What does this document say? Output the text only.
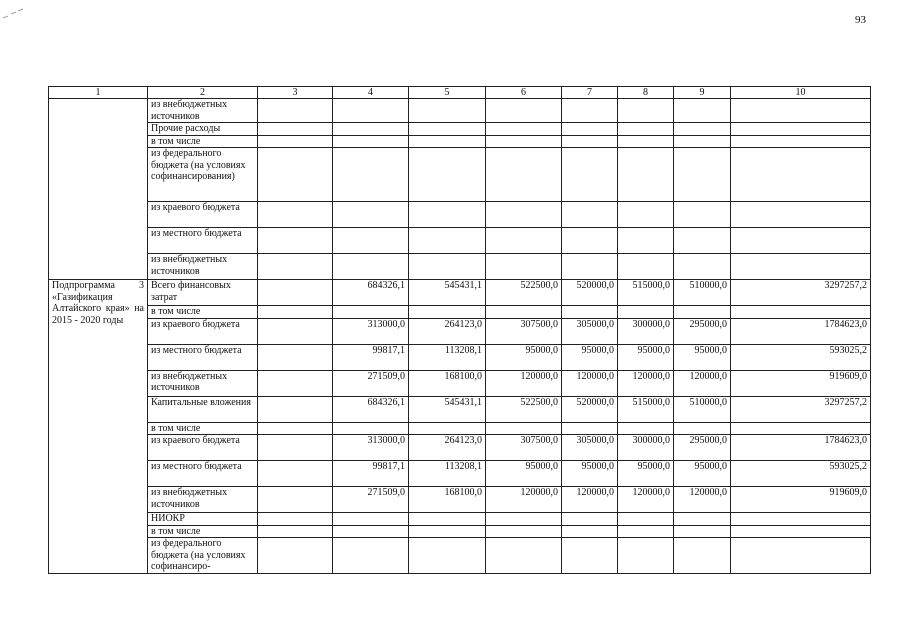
93
1	2	3	4	5	6	7	8	9	10
	из внебюджетных источников								
	Прочие расходы								
	в том числе								
	из федерального бюджета (на условиях софинансирования)								
	из краевого бюджета								
	из местного бюджета								
	из внебюджетных источников								
Подпрограмма 3 «Газификация Алтайского края» на 2015 - 2020 годы	Всего финансовых затрат		684326,1	545431,1	522500,0	520000,0	515000,0	510000,0	3297257,2
	в том числе								
	из краевого бюджета		313000,0	264123,0	307500,0	305000,0	300000,0	295000,0	1784623,0
	из местного бюджета		99817,1	113208,1	95000,0	95000,0	95000,0	95000,0	593025,2
	из внебюджетных источников		271509,0	168100,0	120000,0	120000,0	120000,0	120000,0	919609,0
	Капитальные вложения		684326,1	545431,1	522500,0	520000,0	515000,0	510000,0	3297257,2
	в том числе								
	из краевого бюджета		313000,0	264123,0	307500,0	305000,0	300000,0	295000,0	1784623,0
	из местного бюджета		99817,1	113208,1	95000,0	95000,0	95000,0	95000,0	593025,2
	из внебюджетных источников		271509,0	168100,0	120000,0	120000,0	120000,0	120000,0	919609,0
	НИОКР								
	в том числе								
	из федерального бюджета (на условиях софинансиро-								
